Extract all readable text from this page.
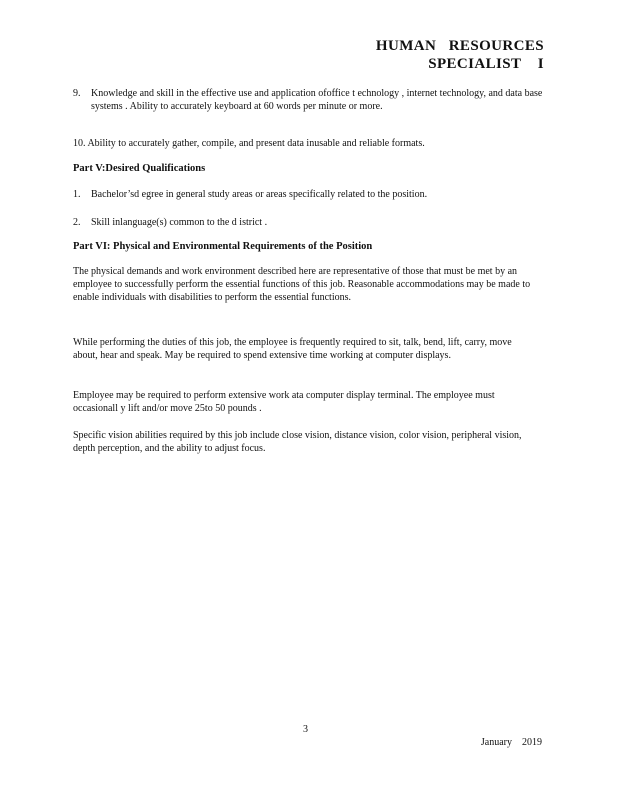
HUMAN   RESOURCES
SPECIALIST    I
9. Knowledge and skill in the effective use and application ofoffice t echnology , internet technology, and data base systems . Ability to accurately keyboard at 60 words per minute or more.
10. Ability to accurately gather, compile, and present data inusable and reliable formats.
Part V:Desired Qualifications
1. Bachelor’sd egree in general study areas or areas specifically related to the position.
2. Skill inlanguage(s) common to the d istrict .
Part VI: Physical and Environmental Requirements of the Position

The physical demands and work environment described here are representative of those that must be met by an employee to successfully perform the essential functions of this job. Reasonable accommodations may be made to enable individuals with disabilities to perform the essential functions.

While performing the duties of this job, the employee is frequently required to sit, talk, bend, lift, carry, move about, hear and speak. May be required to spend extensive time working at computer displays.

Employee may be required to perform extensive work ata computer display terminal. The employee must occasionall y lift and/or move 25to 50 pounds .

Specific vision abilities required by this job include close vision, distance vision, color vision, peripheral vision, depth perception, and the ability to adjust focus.

3
January    2019
